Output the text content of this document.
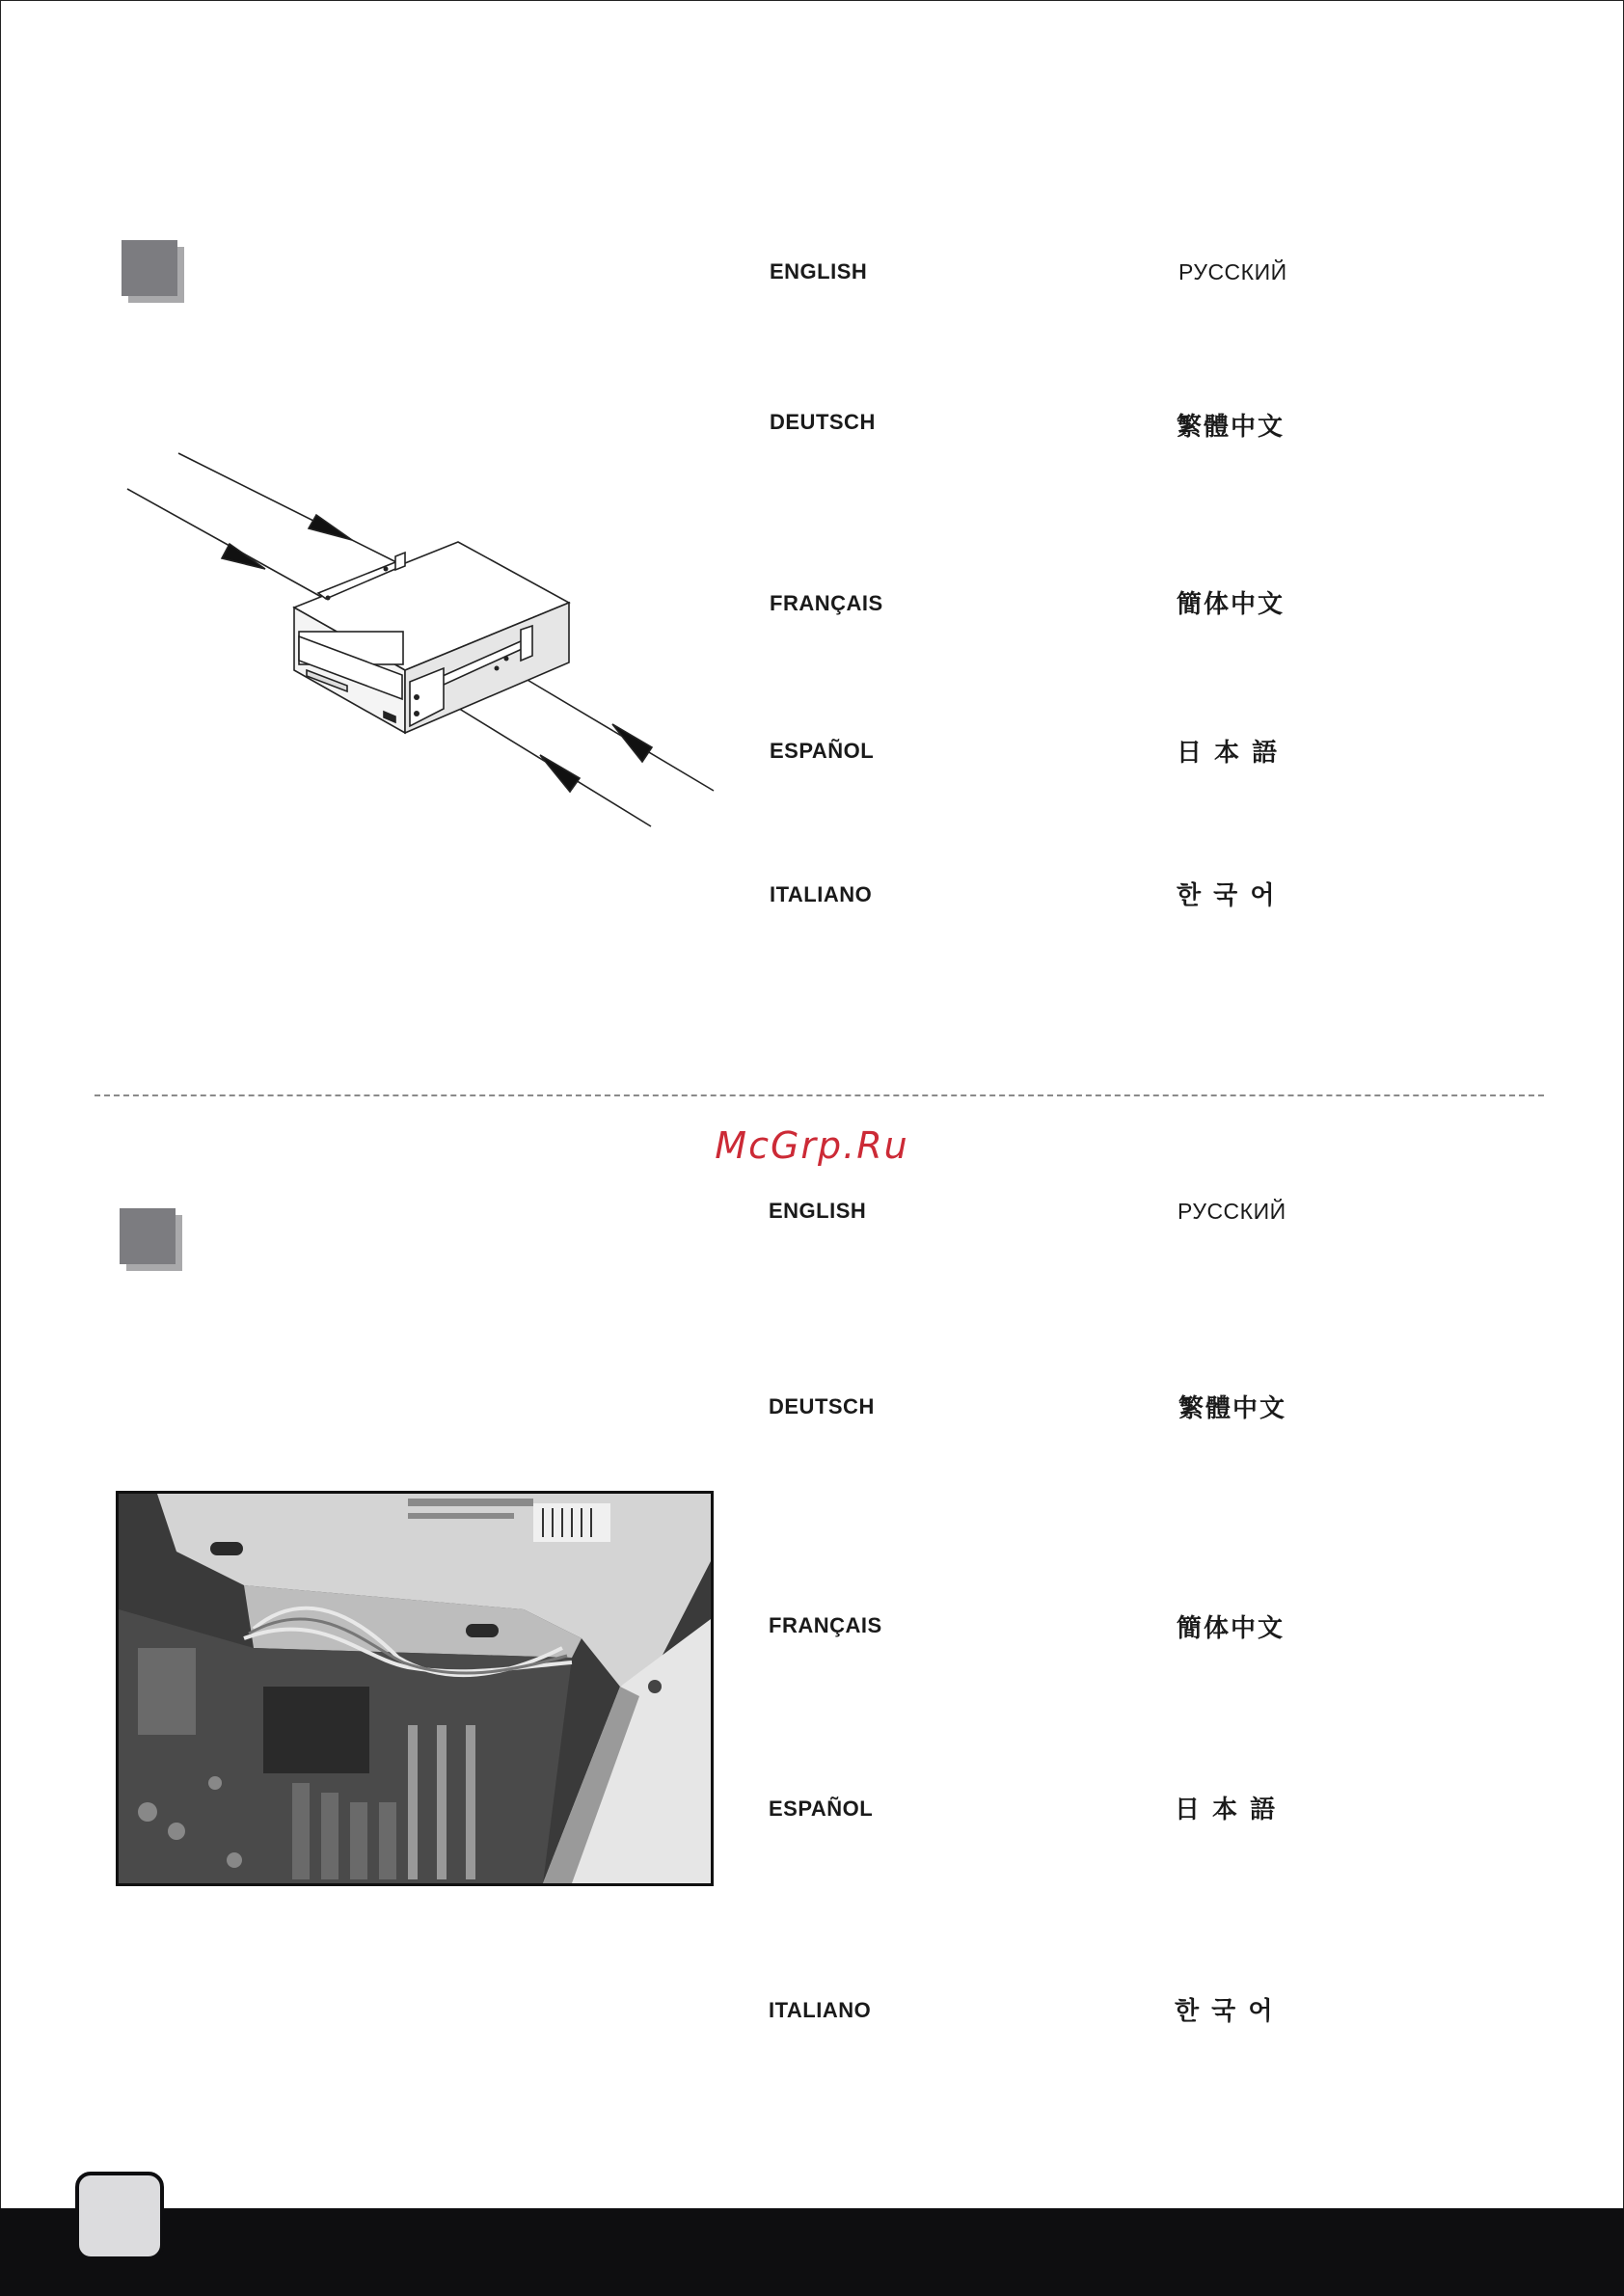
ENGLISH
DEUTSCH
FRANÇAIS
ESPAÑOL
ITALIANO
РУССКИЙ
繁體中文
簡体中文
日 本 語
한 국 어
McGrp.Ru
ENGLISH
DEUTSCH
FRANÇAIS
ESPAÑOL
ITALIANO
РУССКИЙ
繁體中文
簡体中文
日 本 語
한 국 어
